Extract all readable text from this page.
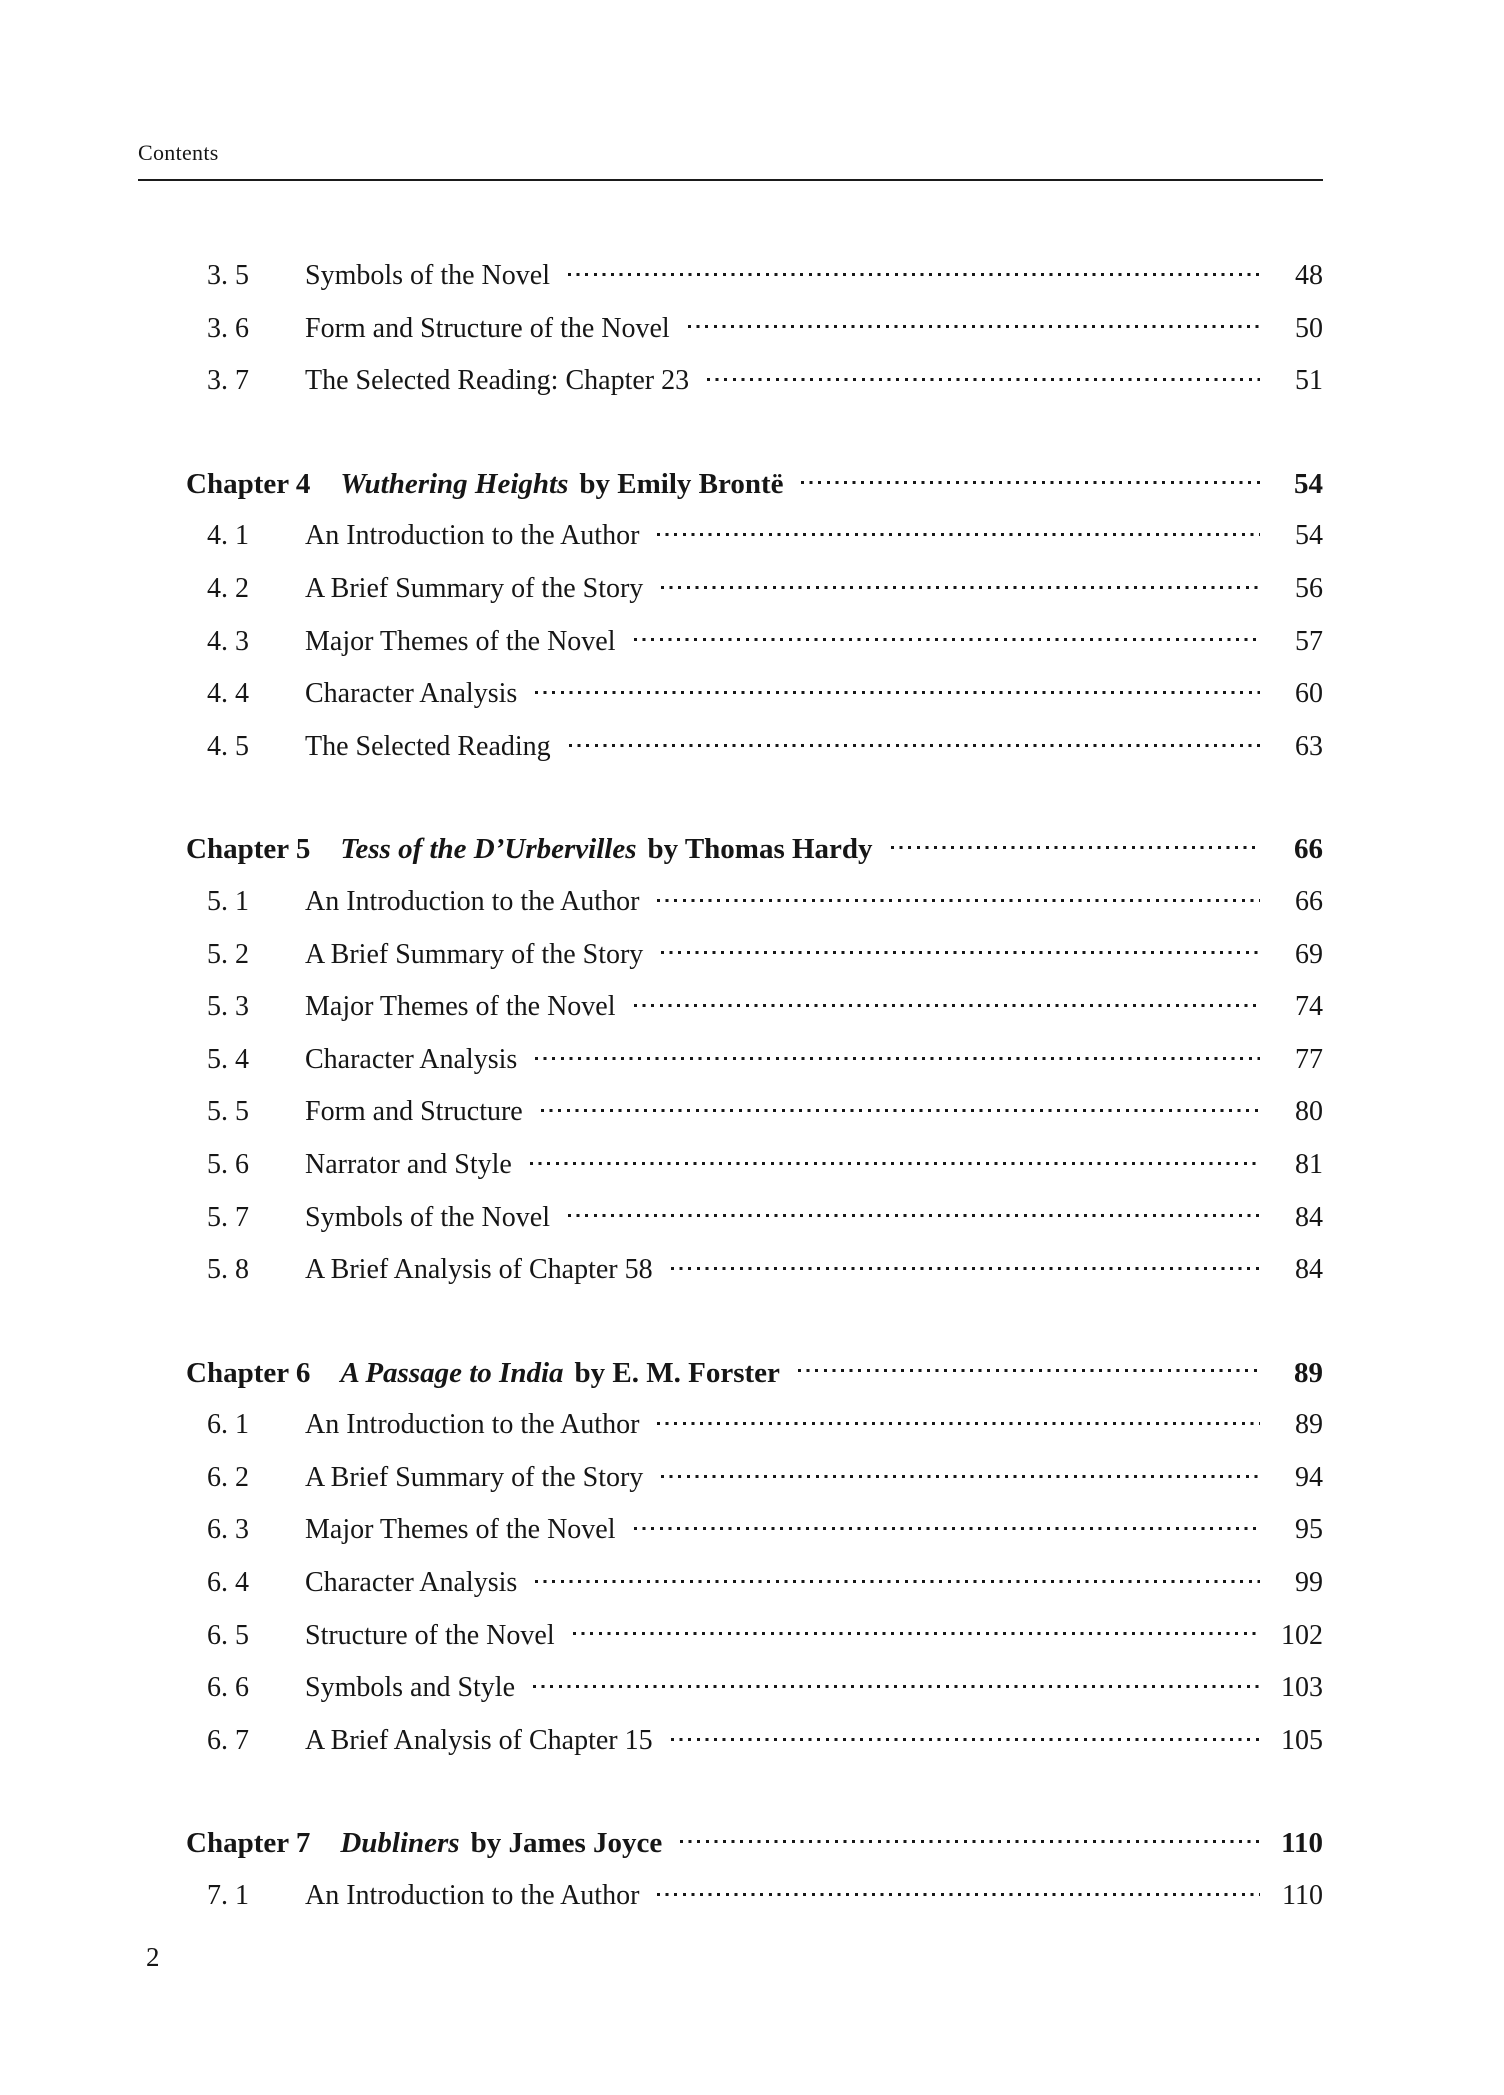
Contents
3. 5	Symbols of the Novel	48
3. 6	Form and Structure of the Novel	50
3. 7	The Selected Reading: Chapter 23	51
Chapter 4 Wuthering Heights by Emily Brontë	54
4. 1	An Introduction to the Author	54
4. 2	A Brief Summary of the Story	56
4. 3	Major Themes of the Novel	57
4. 4	Character Analysis	60
4. 5	The Selected Reading	63
Chapter 5 Tess of the D’Urbervilles by Thomas Hardy	66
5. 1	An Introduction to the Author	66
5. 2	A Brief Summary of the Story	69
5. 3	Major Themes of the Novel	74
5. 4	Character Analysis	77
5. 5	Form and Structure	80
5. 6	Narrator and Style	81
5. 7	Symbols of the Novel	84
5. 8	A Brief Analysis of Chapter 58	84
Chapter 6 A Passage to India by E. M. Forster	89
6. 1	An Introduction to the Author	89
6. 2	A Brief Summary of the Story	94
6. 3	Major Themes of the Novel	95
6. 4	Character Analysis	99
6. 5	Structure of the Novel	102
6. 6	Symbols and Style	103
6. 7	A Brief Analysis of Chapter 15	105
Chapter 7 Dubliners by James Joyce	110
7. 1	An Introduction to the Author	110
2
